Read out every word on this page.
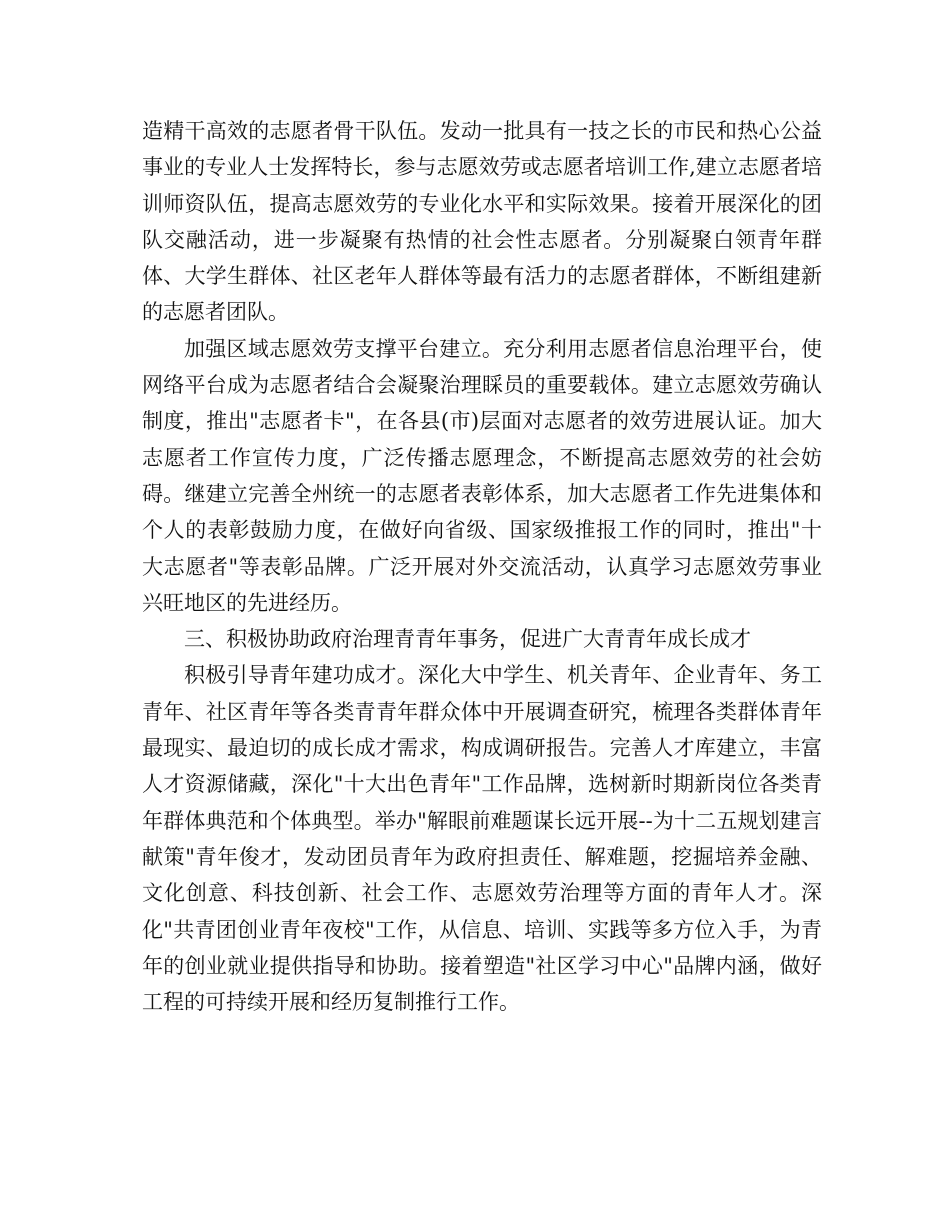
造精干高效的志愿者骨干队伍。发动一批具有一技之长的市民和热心公益事业的专业人士发挥特长，参与志愿效劳或志愿者培训工作,建立志愿者培训师资队伍，提高志愿效劳的专业化水平和实际效果。接着开展深化的团队交融活动，进一步凝聚有热情的社会性志愿者。分别凝聚白领青年群体、大学生群体、社区老年人群体等最有活力的志愿者群体，不断组建新的志愿者团队。

加强区域志愿效劳支撑平台建立。充分利用志愿者信息治理平台，使网络平台成为志愿者结合会凝聚治理睬员的重要载体。建立志愿效劳确认制度，推出"志愿者卡"，在各县(市)层面对志愿者的效劳进展认证。加大志愿者工作宣传力度，广泛传播志愿理念，不断提高志愿效劳的社会妨碍。继建立完善全州统一的志愿者表彰体系，加大志愿者工作先进集体和个人的表彰鼓励力度，在做好向省级、国家级推报工作的同时，推出"十大志愿者"等表彰品牌。广泛开展对外交流活动，认真学习志愿效劳事业兴旺地区的先进经历。

三、积极协助政府治理青青年事务，促进广大青青年成长成才

积极引导青年建功成才。深化大中学生、机关青年、企业青年、务工青年、社区青年等各类青青年群众体中开展调查研究，梳理各类群体青年最现实、最迫切的成长成才需求，构成调研报告。完善人才库建立，丰富人才资源储藏，深化"十大出色青年"工作品牌，选树新时期新岗位各类青年群体典范和个体典型。举办"解眼前难题谋长远开展--为十二五规划建言献策"青年俊才，发动团员青年为政府担责任、解难题，挖掘培养金融、文化创意、科技创新、社会工作、志愿效劳治理等方面的青年人才。深化"共青团创业青年夜校"工作，从信息、培训、实践等多方位入手，为青年的创业就业提供指导和协助。接着塑造"社区学习中心"品牌内涵，做好工程的可持续开展和经历复制推行工作。
